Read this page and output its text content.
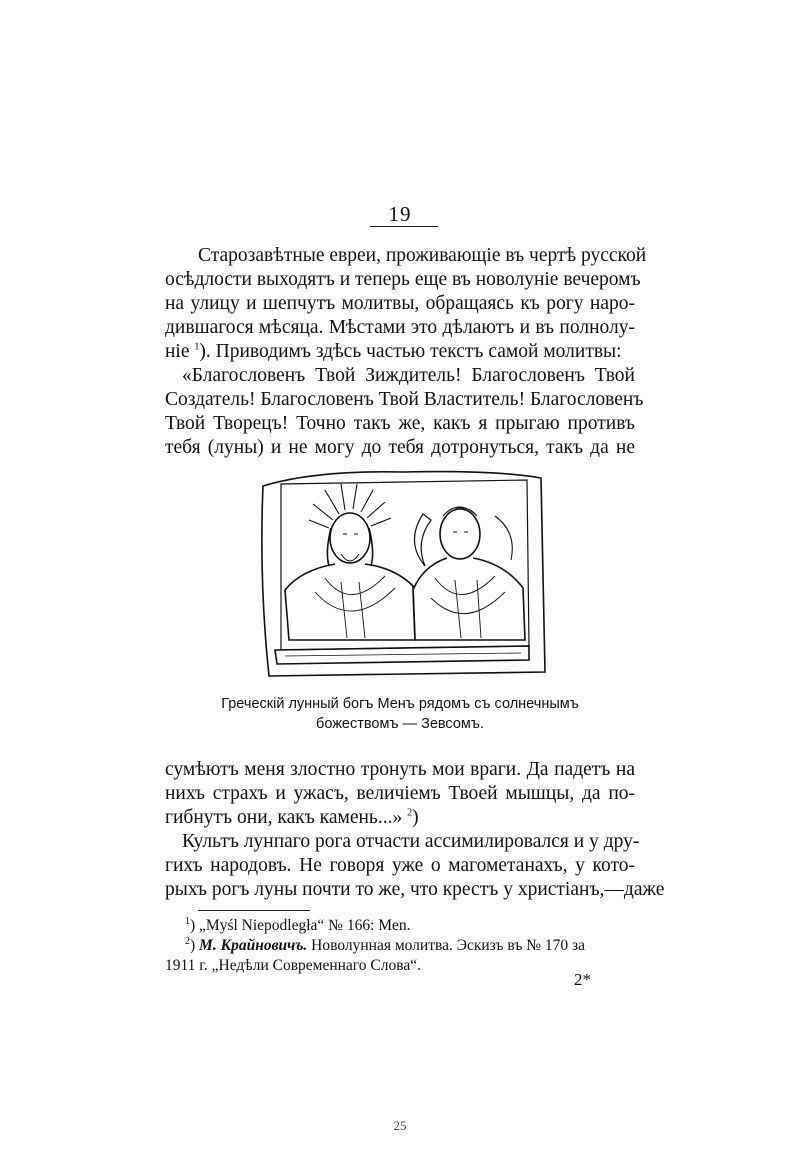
19
Старозавѣтные евреи, проживающіе въ чертѣ русской
осѣдлости выходятъ и теперь еще въ новолуніе вечеромъ
на улицу и шепчутъ молитвы, обращаясь къ рогу наро-
дившагося мѣсяца. Мѣстами это дѣлаютъ и въ полнолу-
ніе $^1$). Приводимъ здѣсь частью текстъ самой молитвы:
«Благословенъ Твой Зиждитель! Благословенъ Твой
Создатель! Благословенъ Твой Властитель! Благословенъ
Твой Творецъ! Точно такъ же, какъ я прыгаю противъ
тебя (луны) и не могу до тебя дотронуться, такъ да не
Греческій лунный богъ Менъ рядомъ съ солнечнымъ
божествомъ — Зевсомъ.
сумѣютъ меня злостно тронуть мои враги. Да падетъ на
нихъ страхъ и ужасъ, величіемъ Твоей мышцы, да по-
гибнутъ они, какъ камень...» $^2$)
Культъ лунпаго рога отчасти ассимилировался и у дру-
гихъ народовъ. Не говоря уже о магометанахъ, у кото-
рыхъ рогъ луны почти то же, что крестъ у христіанъ,—даже
$^1$) „Myśl Niepodległa“ № 166: Men.
$^2$) М. Крайновичъ. Новолунная молитва. Эскизъ въ № 170 за
1911 г. „Недѣли Современнаго Слова“.
2*
25
